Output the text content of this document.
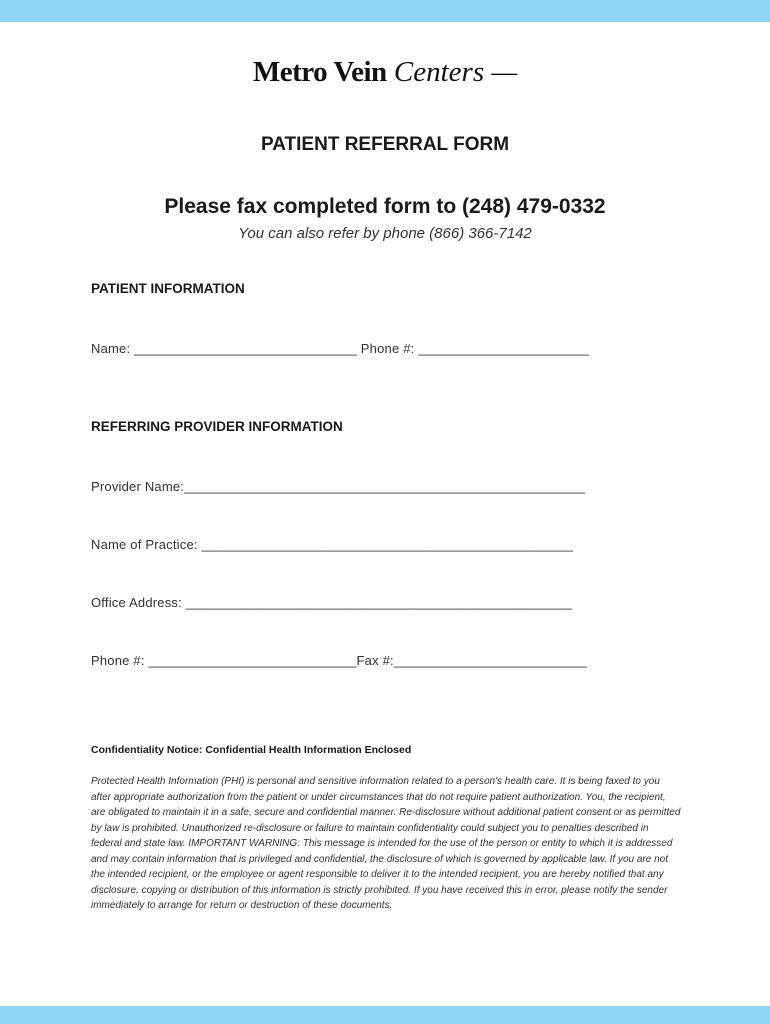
Metro Vein Centers —
PATIENT REFERRAL FORM
Please fax completed form to (248) 479-0332
You can also refer by phone (866) 366-7142
PATIENT INFORMATION
Name: ______________________________ Phone #: _______________________
REFERRING PROVIDER INFORMATION
Provider Name:______________________________________________________
Name of Practice: __________________________________________________
Office Address: ____________________________________________________
Phone #: ____________________________Fax #:__________________________
Confidentiality Notice: Confidential Health Information Enclosed
Protected Health Information (PHI) is personal and sensitive information related to a person's health care. It is being faxed to you after appropriate authorization from the patient or under circumstances that do not require patient authorization. You, the recipient, are obligated to maintain it in a safe, secure and confidential manner. Re-disclosure without additional patient consent or as permitted by law is prohibited. Unauthorized re-disclosure or failure to maintain confidentiality could subject you to penalties described in federal and state law. IMPORTANT WARNING: This message is intended for the use of the person or entity to which it is addressed and may contain information that is privileged and confidential, the disclosure of which is governed by applicable law. If you are not the intended recipient, or the employee or agent responsible to deliver it to the intended recipient, you are hereby notified that any disclosure, copying or distribution of this information is strictly prohibited. If you have received this in error, please notify the sender immediately to arrange for return or destruction of these documents.
